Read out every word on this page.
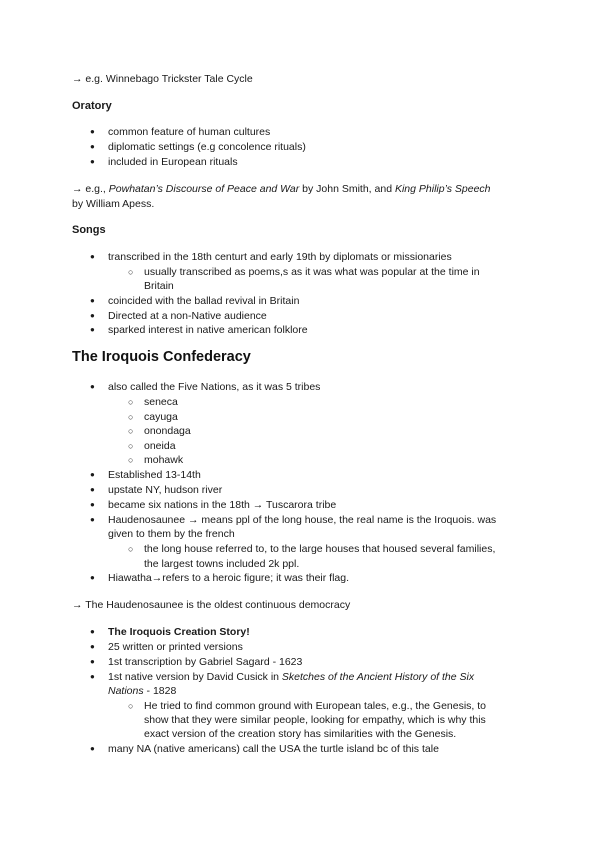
→ e.g. Winnebago Trickster Tale Cycle
Oratory
● common feature of human cultures
● diplomatic settings (e.g concolence rituals)
● included in European rituals
→ e.g., Powhatan’s Discourse of Peace and War by John Smith, and King Philip’s Speech
by William Apess.
Songs
● transcribed in the 18th centurt and early 19th by diplomats or missionaries
○ usually transcribed as poems,s as it was what was popular at the time in
Britain
● coincided with the ballad revival in Britain
● Directed at a non-Native audience
● sparked interest in native american folklore
The Iroquois Confederacy
● also called the Five Nations, as it was 5 tribes
○ seneca
○ cayuga
○ onondaga
○ oneida
○ mohawk
● Established 13-14th
● upstate NY, hudson river
● became six nations in the 18th → Tuscarora tribe
● Haudenosaunee → means ppl of the long house, the real name is the Iroquois. was
given to them by the french
○ the long house referred to, to the large houses that housed several families,
the largest towns included 2k ppl.
● Hiawatha→refers to a heroic figure; it was their flag.
→ The Haudenosaunee is the oldest continuous democracy
● The Iroquois Creation Story!
● 25 written or printed versions
● 1st transcription by Gabriel Sagard - 1623
● 1st native version by David Cusick in Sketches of the Ancient History of the Six
Nations - 1828
○ He tried to find common ground with European tales, e.g., the Genesis, to
show that they were similar people, looking for empathy, which is why this
exact version of the creation story has similarities with the Genesis.
● many NA (native americans) call the USA the turtle island bc of this tale
